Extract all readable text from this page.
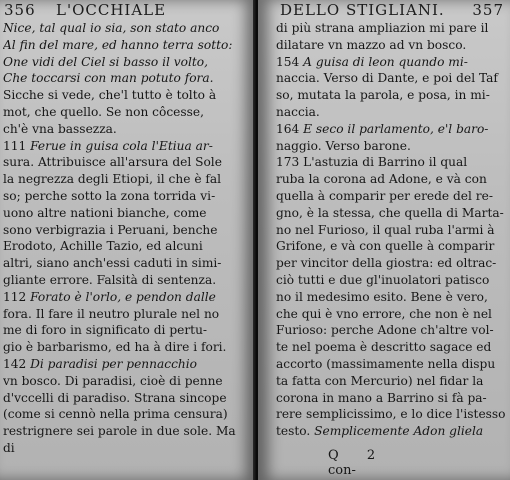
356 L'OCCHIALE
Nice, tal qual io sia, son stato anco
Al fin del mare, ed hanno terra sotto:
One vidi del Ciel si basso il volto,
Che toccarsi con man potuto fora.
Sicche si vede, che'l tutto è tolto à
mot, che quello. Se non côcesse,
ch'è vna bassezza.
111 Ferue in guisa cola l'Etiua ar-
sura. Attribuisce all'arsura del Sole
la negrezza degli Etiopi, il che è fal
so; perche sotto la zona torrida vi-
uono altre nationi bianche, come
sono verbigrazia i Peruani, benche
Erodoto, Achille Tazio, ed alcuni
altri, siano anch'essi caduti in simi-
gliante errore. Falsità di sentenza.
112 Forato è l'orlo, e pendon dalle
fora. Il fare il neutro plurale nel no
me di foro in significato di pertu-
gio è barbarismo, ed ha à dire i fori.
142 Di paradisi per pennacchio
vn bosco. Di paradisi, cioè di penne
d'vccelli di paradiso. Strana sincope
(come si cennò nella prima censura)
restrignere sei parole in due sole. Ma
di
DELLO STIGLIANI. 357
di più strana ampliazion mi pare il
dilatare vn mazzo ad vn bosco.
154 A guisa di leon quando mi-
naccia. Verso di Dante, e poi del Taf
so, mutata la parola, e posa, in mi-
naccia.
164 E seco il parlamento, e'l baro-
naggio. Verso barone.
173 L'astuzia di Barrino il qual
ruba la corona ad Adone, e và con
quella à comparir per erede del re-
gno, è la stessa, che quella di Marta-
no nel Furioso, il qual ruba l'armi à
Grifone, e và con quelle à comparir
per vincitor della giostra: ed oltrac-
ciò tutti e due gl'inuolatori patisco
no il medesimo esito. Bene è vero,
che qui è vno errore, che non è nel
Furioso: perche Adone ch'altre vol-
te nel poema è descritto sagace ed
accorto (massimamente nella dispu
ta fatta con Mercurio) nel fidar la
corona in mano a Barrino si fà pa-
rere semplicissimo, e lo dice l'istesso
testo. Semplicemente Adon gliela
Q 2 con-
